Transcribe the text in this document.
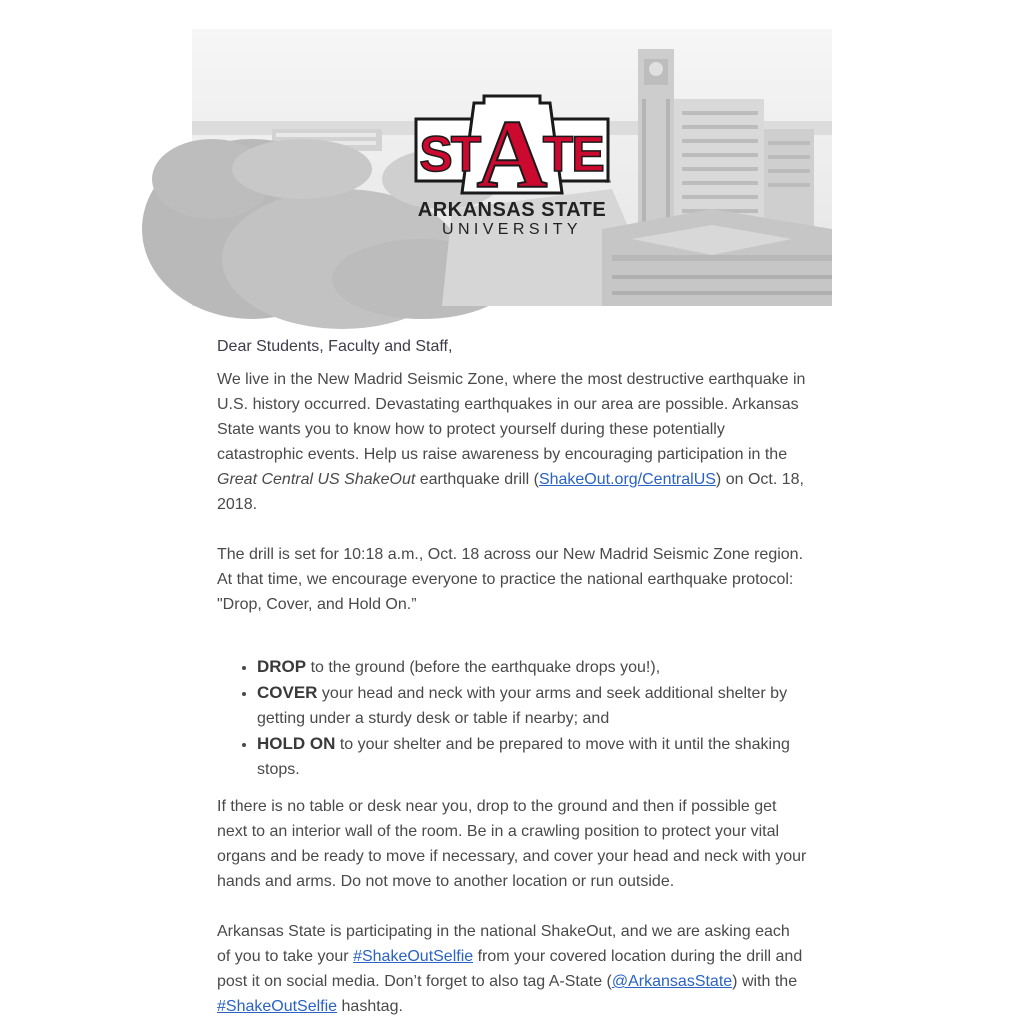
S
T
A
T
E
™
ARKANSAS STATE
UNIVERSITY

Dear Students, Faculty and Staff,

We live in the New Madrid Seismic Zone, where the most destructive earthquake in U.S. history occurred. Devastating earthquakes in our area are possible. Arkansas State wants you to know how to protect yourself during these potentially catastrophic events. Help us raise awareness by encouraging participation in the Great Central US ShakeOut earthquake drill (ShakeOut.org/CentralUS) on Oct. 18, 2018.

The drill is set for 10:18 a.m., Oct. 18 across our New Madrid Seismic Zone region. At that time, we encourage everyone to practice the national earthquake protocol: "Drop, Cover, and Hold On.”

• DROP to the ground (before the earthquake drops you!),
• COVER your head and neck with your arms and seek additional shelter by getting under a sturdy desk or table if nearby; and
• HOLD ON to your shelter and be prepared to move with it until the shaking stops.

If there is no table or desk near you, drop to the ground and then if possible get next to an interior wall of the room. Be in a crawling position to protect your vital organs and be ready to move if necessary, and cover your head and neck with your hands and arms. Do not move to another location or run outside.

Arkansas State is participating in the national ShakeOut, and we are asking each of you to take your #ShakeOutSelfie from your covered location during the drill and post it on social media. Don’t forget to also tag A-State (@ArkansasState) with the #ShakeOutSelfie hashtag.
